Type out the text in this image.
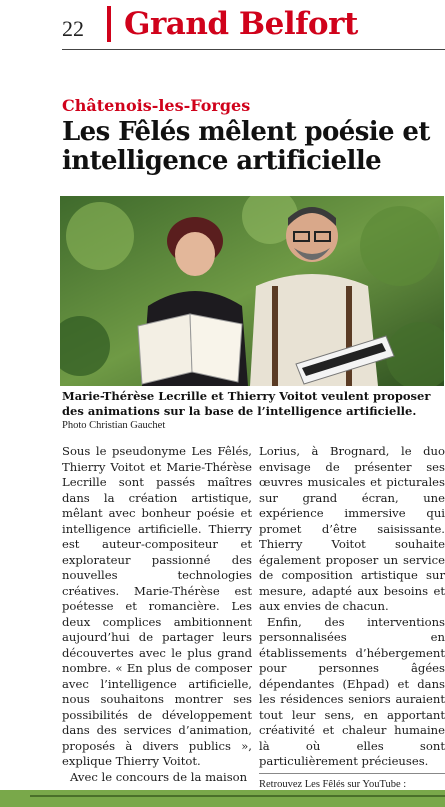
22 Grand Belfort
Châtenois-les-Forges
Les Fêlés mêlent poésie et intelligence artificielle
Marie-Thérèse Lecrille et Thierry Voitot veulent proposer des animations sur la base de l’intelligence artificielle.
Photo Christian Gauchet

Sous le pseudonyme Les Fêlés, Thierry Voitot et Marie-Thérèse Lecrille sont passés maîtres dans la création artistique, mêlant avec bonheur poésie et intelligence artificielle. Thierry est auteur-compositeur et explorateur passionné des nouvelles technologies créatives. Marie-Thérèse est poétesse et romancière. Les deux complices ambitionnent aujourd’hui de partager leurs découvertes avec le plus grand nombre. « En plus de composer avec l’intelligence artificielle, nous souhaitons montrer ses possibilités de développement dans des services d’animation, proposés à divers publics », explique Thierry Voitot.

Avec le concours de la maison

Lorius, à Brognard, le duo envisage de présenter ses œuvres musicales et picturales sur grand écran, une expérience immersive qui promet d’être saisissante. Thierry Voitot souhaite également proposer un service de composition artistique sur mesure, adapté aux besoins et aux envies de chacun.

Enfin, des interventions personnalisées en établissements d’hébergement pour personnes âgées dépendantes (Ehpad) et dans les résidences seniors auraient tout leur sens, en apportant créativité et chaleur humaine là où elles sont particulièrement précieuses.

Retrouvez Les Fêlés sur YouTube :
